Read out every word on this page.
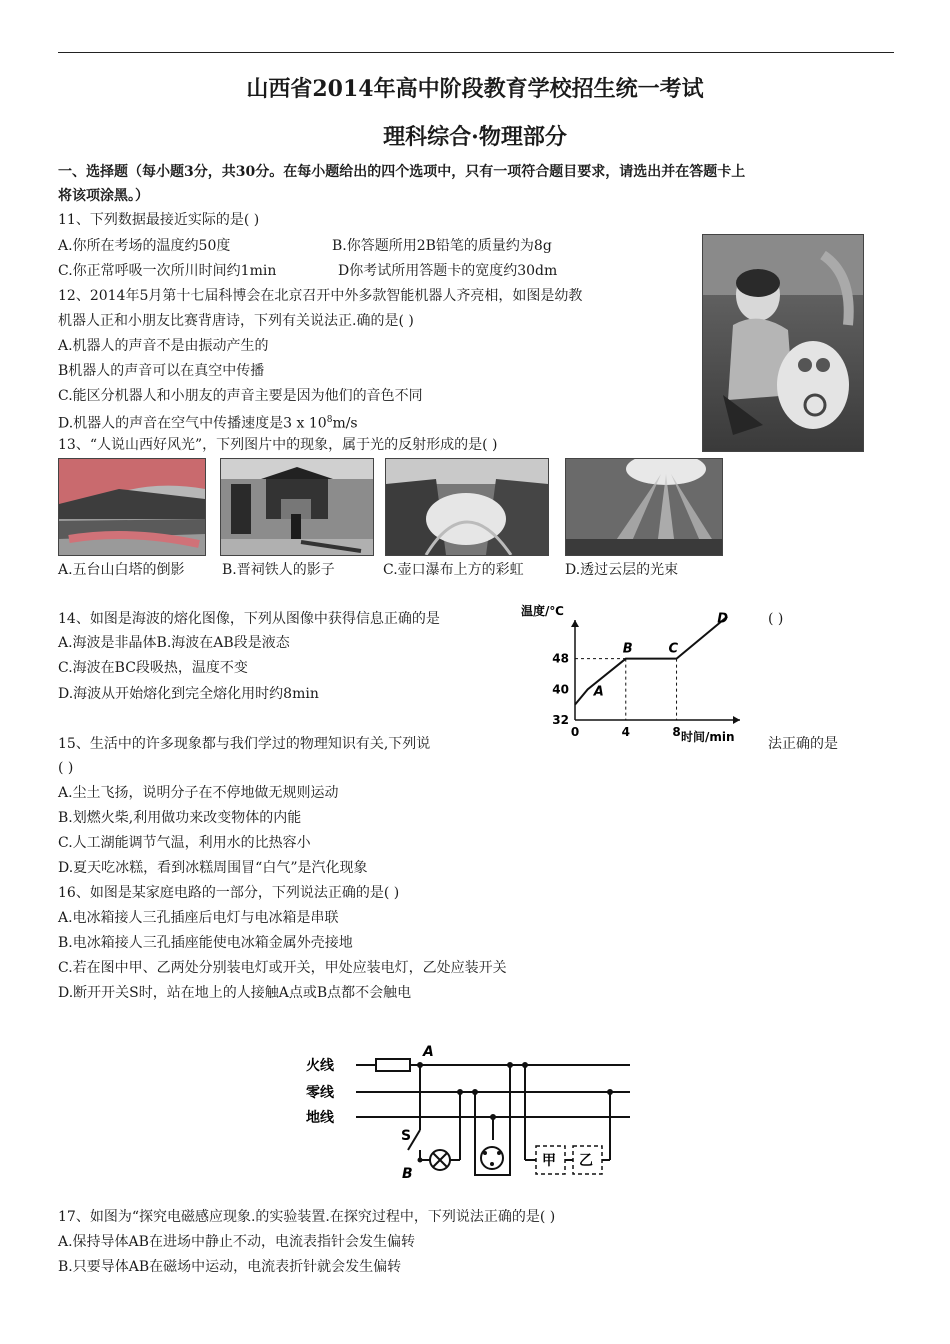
山西省2014年高中阶段教育学校招生统一考试
理科综合·物理部分
一、选择题（每小题3分，共30分。在每小题给出的四个选项中，只有一项符合题目要求，请选出并在答题卡上
将该项涂黑。）
11、下列数据最接近实际的是( )
A.你所在考场的温度约50度	B.你答题所用2B铅笔的质量约为8g
C.你正常呼吸一次所川时间约1min	D你考试所用答题卡的宽度约30dm
12、2014年5月第十七届科博会在北京召开中外多款智能机器人齐亮相，如图是幼教
机器人正和小朋友比赛背唐诗，下列有关说法正.确的是( )
A.机器人的声音不是由振动产生的
B机器人的声音可以在真空中传播
C.能区分机器人和小朋友的声音主要是因为他们的音色不同
D.机器人的声音在空气中传播速度是3 x $10^8m/s$
13、“人说山西好风光”，下列图片中的现象，属于光的反射形成的是( )
A.五台山白塔的倒影	B.晋祠铁人的影子	C.壶口瀑布上方的彩虹	D.透过云层的光束
14、如图是海波的熔化图像，下列从图像中获得信息正确的是	( )
A.海波是非晶体B.海波在AB段是液态
C.海波在BC段吸热，温度不变
D.海波从开始熔化到完全熔化用时约8min
温度/℃
时间/min
0	4	8
32
40
48
A
B	C
D
15、生活中的许多现象都与我们学过的物理知识有关,下列说	法正确的是
( )
A.尘土飞扬，说明分子在不停地做无规则运动
B.划燃火柴,利用做功来改变物体的内能
C.人工湖能调节气温，利用水的比热容小
D.夏天吃冰糕，看到冰糕周围冒“白气”是汽化现象
16、如图是某家庭电路的一部分，下列说法正确的是( )
A.电冰箱接人三孔插座后电灯与电冰箱是串联
B.电冰箱接人三孔插座能使电冰箱金属外壳接地
C.若在图中甲、乙两处分别装电灯或开关，甲处应装电灯，乙处应装开关
D.断开开关S时，站在地上的人接触A点或B点都不会触电
火线
零线
地线
A
S
B
甲 乙
17、如图为“探究电磁感应现象.的实验装置.在探究过程中，下列说法正确的是( )
A.保持导体AB在进场中静止不动，电流表指针会发生偏转
B.只要导体AB在磁场中运动，电流表折针就会发生偏转
